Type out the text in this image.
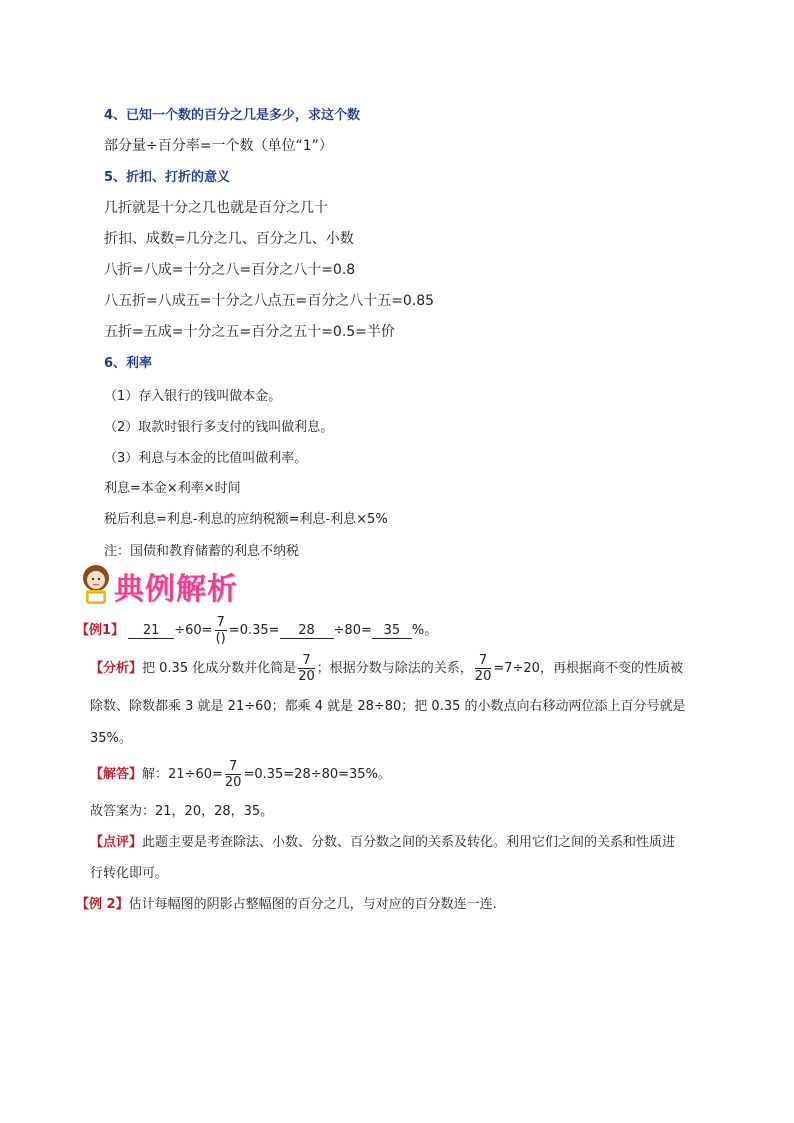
4、已知一个数的百分之几是多少，求这个数
部分量÷百分率=一个数（单位“1”）
5、折扣、打折的意义
几折就是十分之几也就是百分之几十
折扣、成数=几分之几、百分之几、小数
八折=八成=十分之八=百分之八十=0.8
八五折=八成五=十分之八点五=百分之八十五=0.85
五折=五成=十分之五=百分之五十=0.5=半价
6、利率
（1）存入银行的钱叫做本金。
（2）取款时银行多支付的钱叫做利息。
（3）利息与本金的比值叫做利率。
利息=本金×利率×时间
税后利息=利息-利息的应纳税额=利息-利息×5%
注：国债和教育储蓄的利息不纳税
典例解析
【例1】 $21 \div 60= \frac{7}{()} =0.35= 28 \div 80= 35$ %。
【分析】把 0.35 化成分数并化简是 $\frac{7}{20}$ ；根据分数与除法的关系， $\frac{7}{20} =7\div 20$，再根据商不变的性质被
除数、除数都乘 3 就是 21÷60；都乘 4 就是 28÷80；把 0.35 的小数点向右移动两位添上百分号就是
35%。
【解答】解：$21\div 60= \frac{7}{20} =0.35=28\div 80=35\%$。
故答案为：21，20，28，35。
【点评】此题主要是考查除法、小数、分数、百分数之间的关系及转化。利用它们之间的关系和性质进
行转化即可。
【例 2】估计每幅图的阴影占整幅图的百分之几，与对应的百分数连一连.
